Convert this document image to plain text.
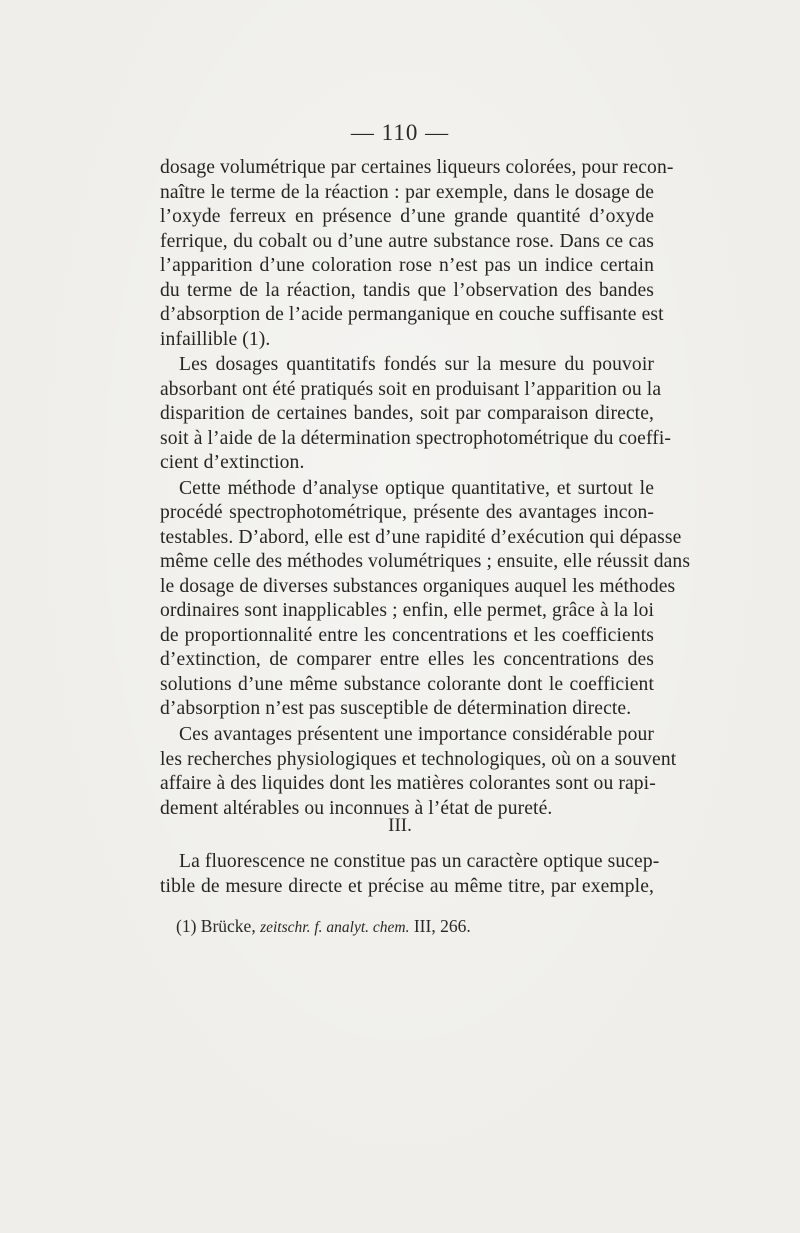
— 110 —
dosage volumétrique par certaines liqueurs colorées, pour recon-
naître le terme de la réaction : par exemple, dans le dosage de
l’oxyde ferreux en présence d’une grande quantité d’oxyde
ferrique, du cobalt ou d’une autre substance rose. Dans ce cas
l’apparition d’une coloration rose n’est pas un indice certain
du terme de la réaction, tandis que l’observation des bandes
d’absorption de l’acide permanganique en couche suffisante est
infaillible (1).
Les dosages quantitatifs fondés sur la mesure du pouvoir
absorbant ont été pratiqués soit en produisant l’apparition ou la
disparition de certaines bandes, soit par comparaison directe,
soit à l’aide de la détermination spectrophotométrique du coeffi-
cient d’extinction.
Cette méthode d’analyse optique quantitative, et surtout le
procédé spectrophotométrique, présente des avantages incon-
testables. D’abord, elle est d’une rapidité d’exécution qui dépasse
même celle des méthodes volumétriques ; ensuite, elle réussit dans
le dosage de diverses substances organiques auquel les méthodes
ordinaires sont inapplicables ; enfin, elle permet, grâce à la loi
de proportionnalité entre les concentrations et les coefficients
d’extinction, de comparer entre elles les concentrations des
solutions d’une même substance colorante dont le coefficient
d’absorption n’est pas susceptible de détermination directe.
Ces avantages présentent une importance considérable pour
les recherches physiologiques et technologiques, où on a souvent
affaire à des liquides dont les matières colorantes sont ou rapi-
dement altérables ou inconnues à l’état de pureté.
III.
La fluorescence ne constitue pas un caractère optique sucep-
tible de mesure directe et précise au même titre, par exemple,
(1) Brücke, zeitschr. f. analyt. chem. III, 266.
